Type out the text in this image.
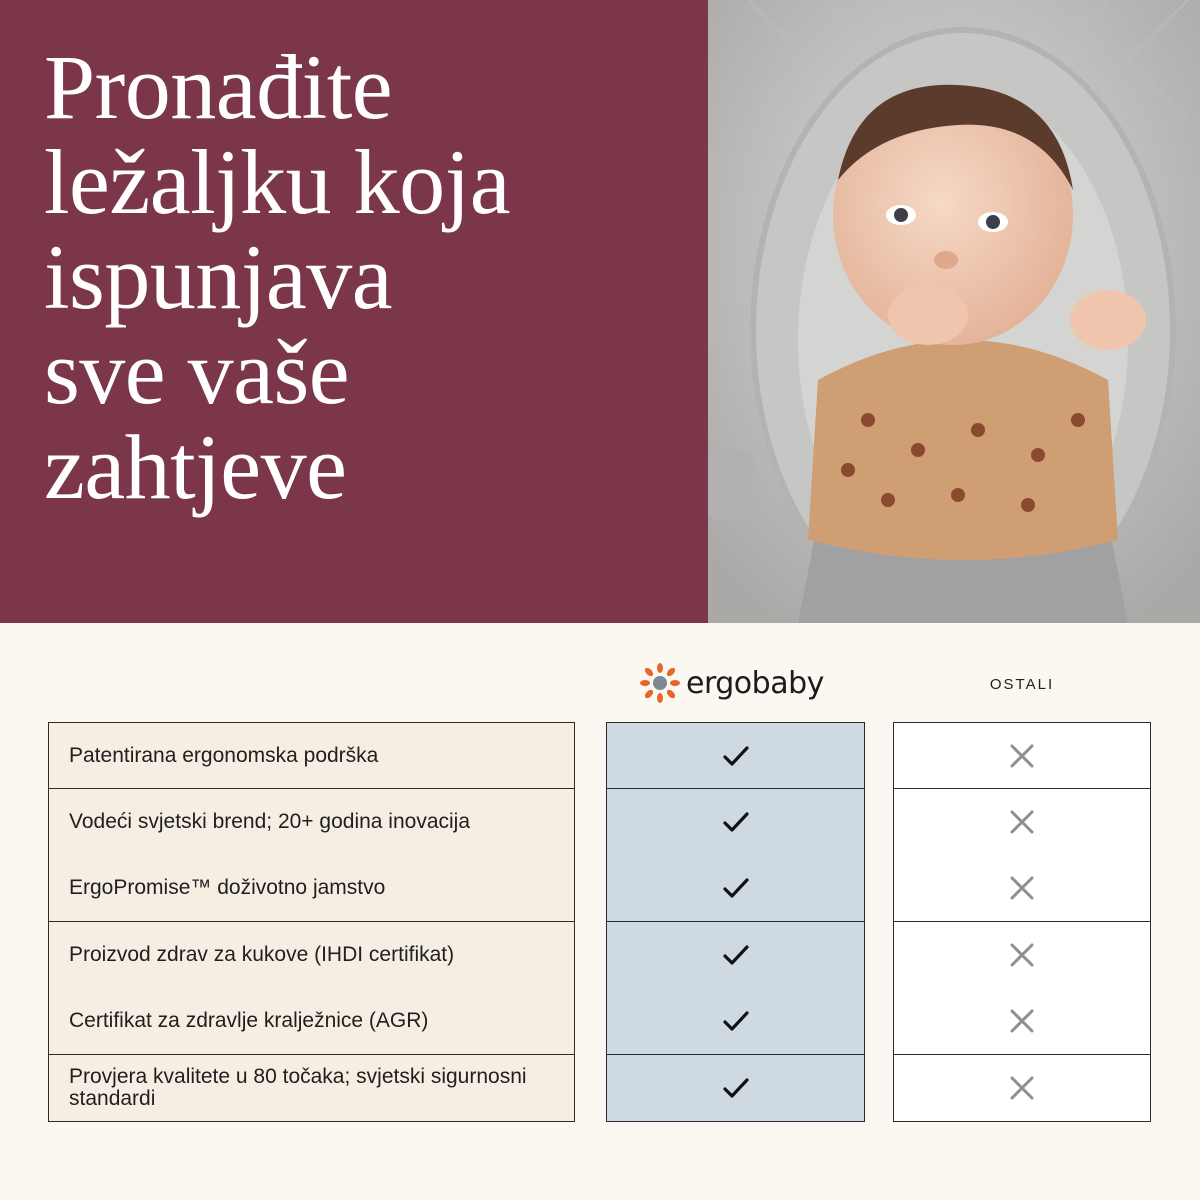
Pronađite
ležaljku koja
ispunjava
sve vaše
zahtjeve
ergobaby	OSTALI
Patentirana ergonomska podrška
Vodeći svjetski brend; 20+ godina inovacija
ErgoPromise™ doživotno jamstvo
Proizvod zdrav za kukove (IHDI certifikat)
Certifikat za zdravlje kralježnice (AGR)
Provjera kvalitete u 80 točaka; svjetski sigurnosni standardi
